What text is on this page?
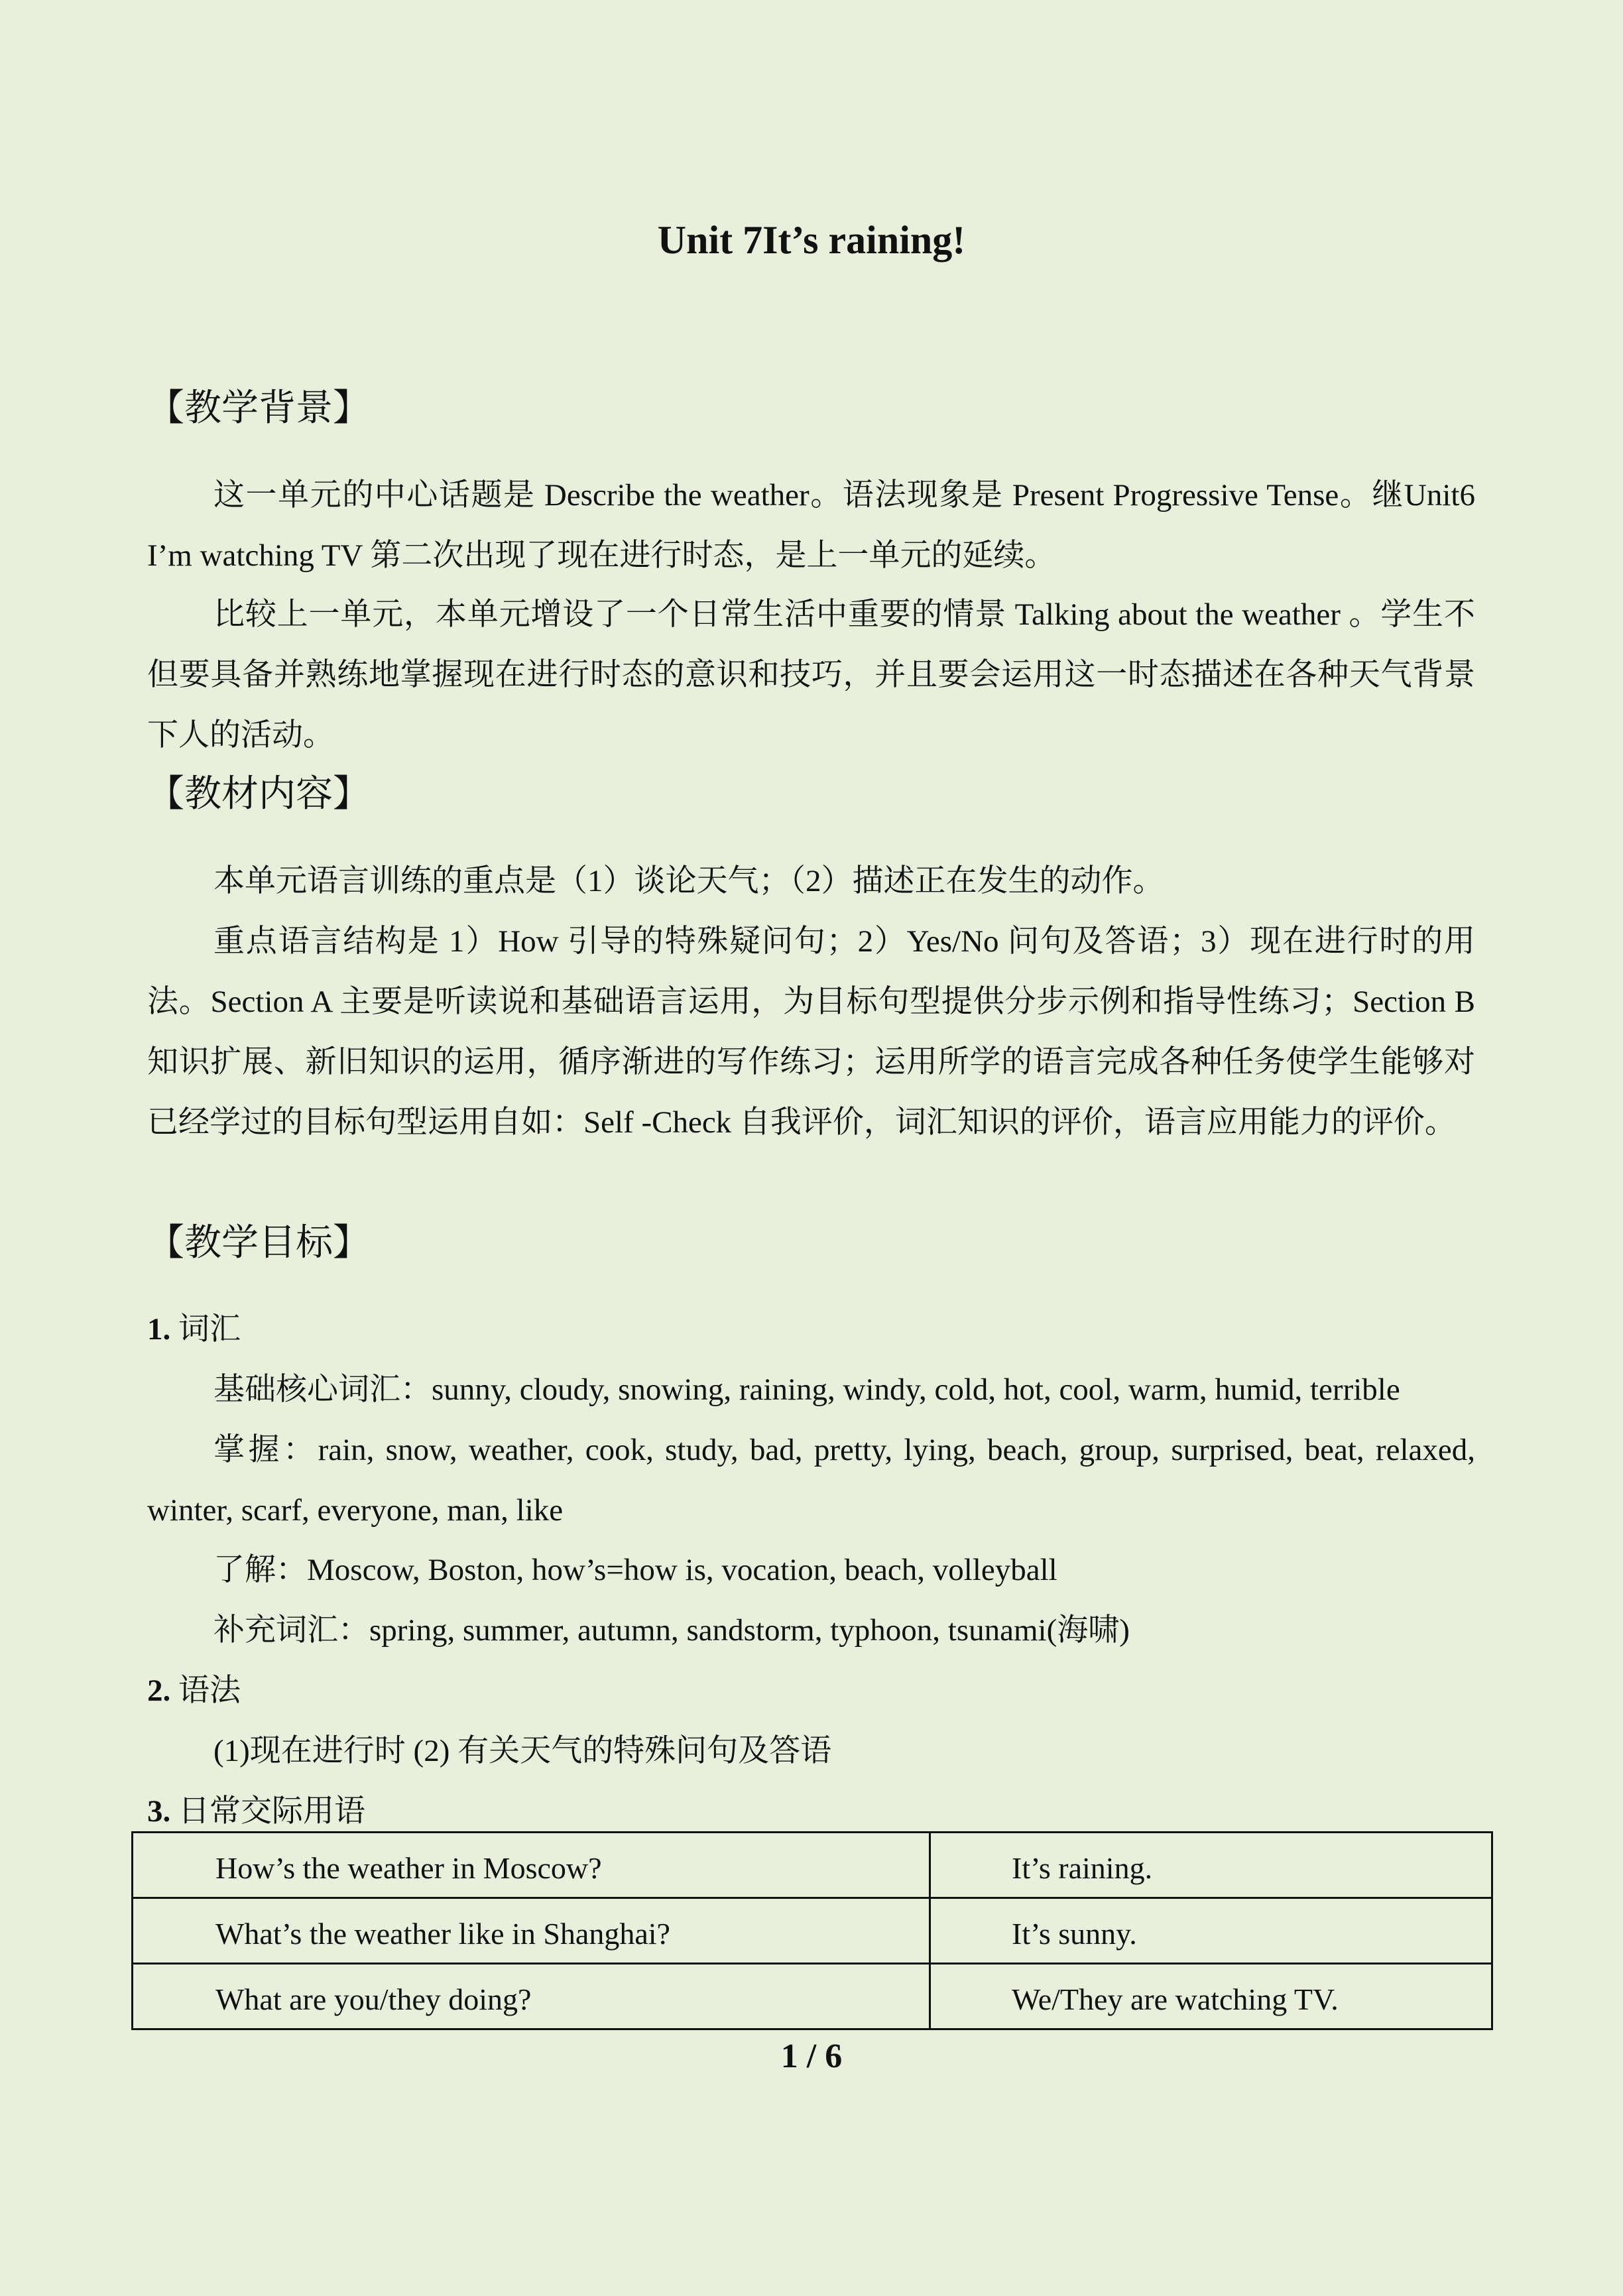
Unit 7It’s raining!
【教学背景】
这一单元的中心话题是 Describe the weather。语法现象是 Present Progressive Tense。继Unit6 I’m watching TV 第二次出现了现在进行时态，是上一单元的延续。
比较上一单元，本单元增设了一个日常生活中重要的情景 Talking about the weather 。学生不但要具备并熟练地掌握现在进行时态的意识和技巧，并且要会运用这一时态描述在各种天气背景下人的活动。
【教材内容】
本单元语言训练的重点是（1）谈论天气；（2）描述正在发生的动作。
重点语言结构是 1）How 引导的特殊疑问句；2）Yes/No 问句及答语；3）现在进行时的用法。Section A 主要是听读说和基础语言运用，为目标句型提供分步示例和指导性练习；Section B 知识扩展、新旧知识的运用，循序渐进的写作练习；运用所学的语言完成各种任务使学生能够对已经学过的目标句型运用自如：Self -Check 自我评价，词汇知识的评价，语言应用能力的评价。
【教学目标】
1. 词汇
基础核心词汇：sunny, cloudy, snowing, raining, windy, cold, hot, cool, warm, humid, terrible
掌握：rain, snow, weather, cook, study, bad, pretty, lying, beach, group, surprised, beat, relaxed, winter, scarf, everyone, man, like
了解：Moscow, Boston, how’s=how is, vocation, beach, volleyball
补充词汇：spring, summer, autumn, sandstorm, typhoon, tsunami(海啸)
2. 语法
(1)现在进行时 (2) 有关天气的特殊问句及答语
3. 日常交际用语
How’s the weather in Moscow?	It’s raining.
What’s the weather like in Shanghai?	It’s sunny.
What are you/they doing?	We/They are watching TV.
1 / 6
